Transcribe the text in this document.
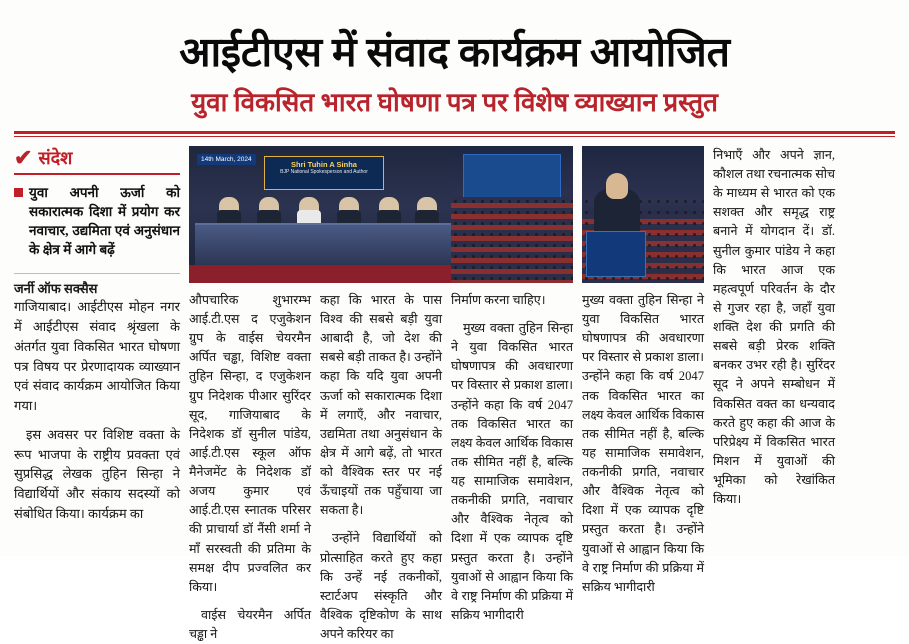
आईटीएस में संवाद कार्यक्रम आयोजित
युवा विकसित भारत घोषणा पत्र पर विशेष व्याख्यान प्रस्तुत
✔ संदेश
युवा अपनी ऊर्जा को सकारात्मक दिशा में प्रयोग कर नवाचार, उद्यमिता एवं अनुसंधान के क्षेत्र में आगे बढ़ें
जर्नी ऑफ सक्सैस

गाजियाबाद। आईटीएस मोहन नगर में आईटीएस संवाद श्रृंखला के अंतर्गत युवा विकसित भारत घोषणा पत्र विषय पर प्रेरणादायक व्याख्यान एवं संवाद कार्यक्रम आयोजित किया गया।

इस अवसर पर विशिष्ट वक्ता के रूप भाजपा के राष्ट्रीय प्रवक्ता एवं सुप्रसिद्ध लेखक तुहिन सिन्हा ने विद्यार्थियों और संकाय सदस्यों को संबोधित किया। कार्यक्रम का

14th March, 2024
Shri Tuhin A Sinha
BJP National Spokesperson and Author

औपचारिक शुभारम्भ आई.टी.एस द एजुकेशन ग्रुप के वाईस चेयरमैन अर्पित चड्ढा, विशिष्ट वक्ता तुहिन सिन्हा, द एजुकेशन ग्रुप निदेशक पीआर सुरिंदर सूद, गाजियाबाद के निदेशक डॉ सुनील पांडेय, आई.टी.एस स्कूल ऑफ मैनेजमेंट के निदेशक डॉ अजय कुमार एवं आई.टी.एस स्नातक परिसर की प्राचार्या डॉ नैंसी शर्मा ने माँ सरस्वती की प्रतिमा के समक्ष दीप प्रज्वलित कर किया।

वाईस चेयरमैन अर्पित चड्ढा ने

कहा कि भारत के पास विश्व की सबसे बड़ी युवा आबादी है, जो देश की सबसे बड़ी ताकत है। उन्होंने कहा कि यदि युवा अपनी ऊर्जा को सकारात्मक दिशा में लगाएँ, और नवाचार, उद्यमिता तथा अनुसंधान के क्षेत्र में आगे बढ़ें, तो भारत को वैश्विक स्तर पर नई ऊँचाइयों तक पहुँचाया जा सकता है।

उन्होंने विद्यार्थियों को प्रोत्साहित करते हुए कहा कि उन्हें नई तकनीकों, स्टार्टअप संस्कृति और वैश्विक दृष्टिकोण के साथ अपने करियर का

निर्माण करना चाहिए।

मुख्य वक्ता तुहिन सिन्हा ने युवा विकसित भारत घोषणापत्र की अवधारणा पर विस्तार से प्रकाश डाला। उन्होंने कहा कि वर्ष 2047 तक विकसित भारत का लक्ष्य केवल आर्थिक विकास तक सीमित नहीं है, बल्कि यह सामाजिक समावेशन, तकनीकी प्रगति, नवाचार और वैश्विक नेतृत्व को दिशा में एक व्यापक दृष्टि प्रस्तुत करता है। उन्होंने युवाओं से आह्वान किया कि वे राष्ट्र निर्माण की प्रक्रिया में सक्रिय भागीदारी

मुख्य वक्ता तुहिन सिन्हा ने युवा विकसित भारत घोषणापत्र की अवधारणा पर विस्तार से प्रकाश डाला। उन्होंने कहा कि वर्ष 2047 तक विकसित भारत का लक्ष्य केवल आर्थिक विकास तक सीमित नहीं है, बल्कि यह सामाजिक समावेशन, तकनीकी प्रगति, नवाचार और वैश्विक नेतृत्व को दिशा में एक व्यापक दृष्टि प्रस्तुत करता है। उन्होंने युवाओं से आह्वान किया कि वे राष्ट्र निर्माण की प्रक्रिया में सक्रिय भागीदारी

निभाएँ और अपने ज्ञान, कौशल तथा रचनात्मक सोच के माध्यम से भारत को एक सशक्त और समृद्ध राष्ट्र बनाने में योगदान दें। डॉ. सुनील कुमार पांडेय ने कहा कि भारत आज एक महत्वपूर्ण परिवर्तन के दौर से गुजर रहा है, जहाँ युवा शक्ति देश की प्रगति की सबसे बड़ी प्रेरक शक्ति बनकर उभर रही है। सुरिंदर सूद ने अपने सम्बोधन में विकसित वक्त का धन्यवाद करते हुए कहा की आज के परिप्रेक्ष्य में विकसित भारत मिशन में युवाओं की भूमिका को रेखांकित किया।
